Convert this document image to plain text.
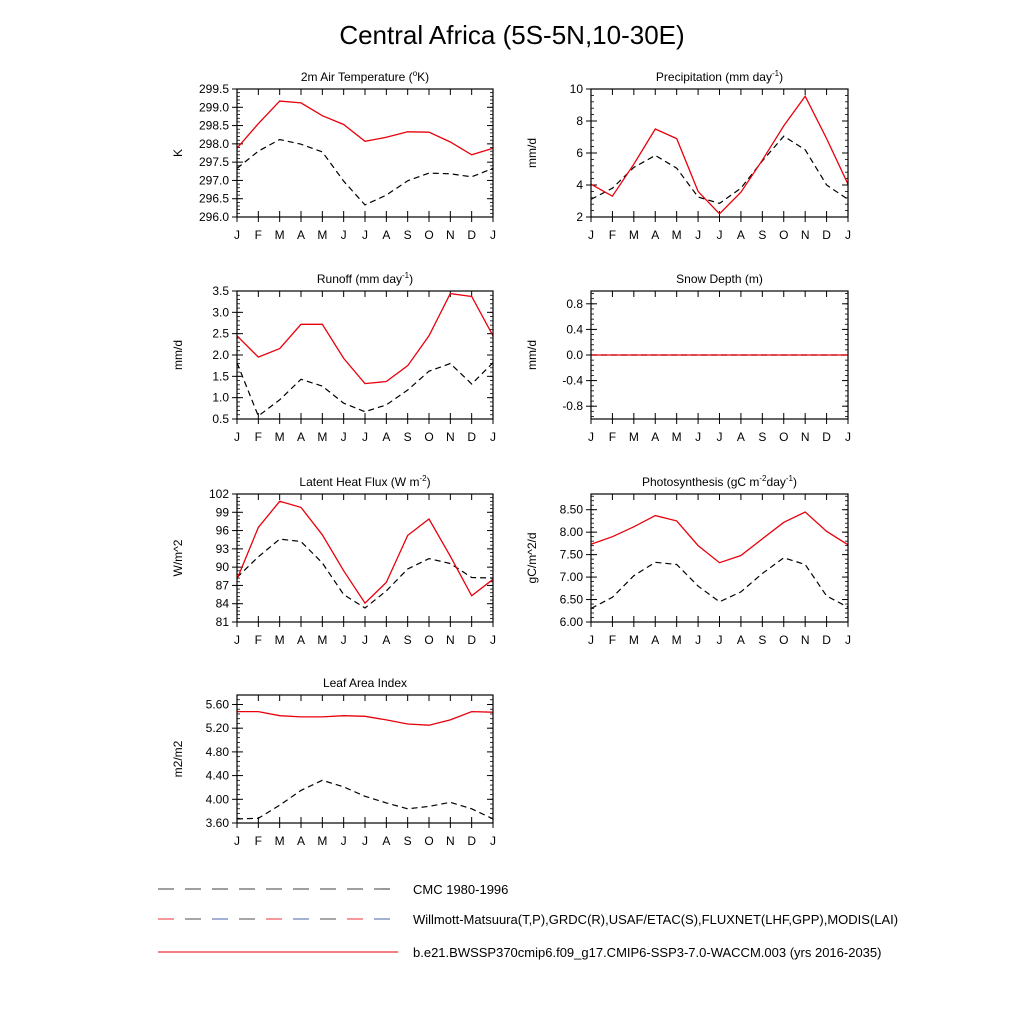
Central Africa (5S-5N,10-30E)
2m Air Temperature ($^o$K)
K
296.0
296.5
297.0
297.5
298.0
298.5
299.0
299.5
J F M A M J J A S O N D J
Precipitation (mm day$^{-1}$)
mm/d
2
4
6
8
10
J F M A M J J A S O N D J
Runoff (mm day$^{-1}$)
mm/d
0.5
1.0
1.5
2.0
2.5
3.0
3.5
J F M A M J J A S O N D J
Snow Depth (m)
mm/d
-0.8
-0.4
0.0
0.4
0.8
J F M A M J J A S O N D J
Latent Heat Flux (W $m^{-2}$)
W/m^2
81
84
87
90
93
96
99
102
J F M A M J J A S O N D J
Photosynthesis (gC $m^{-2}day^{-1}$)
gC/m^2/d
6.00
6.50
7.00
7.50
8.00
8.50
J F M A M J J A S O N D J
Leaf Area Index
m2/m2
3.60
4.00
4.40
4.80
5.20
5.60
J F M A M J J A S O N D J
CMC 1980-1996
Willmott-Matsuura(T,P),GRDC(R),USAF/ETAC(S),FLUXNET(LHF,GPP),MODIS(LAI)
b.e21.BWSSP370cmip6.f09_g17.CMIP6-SSP3-7.0-WACCM.003 (yrs 2016-2035)
